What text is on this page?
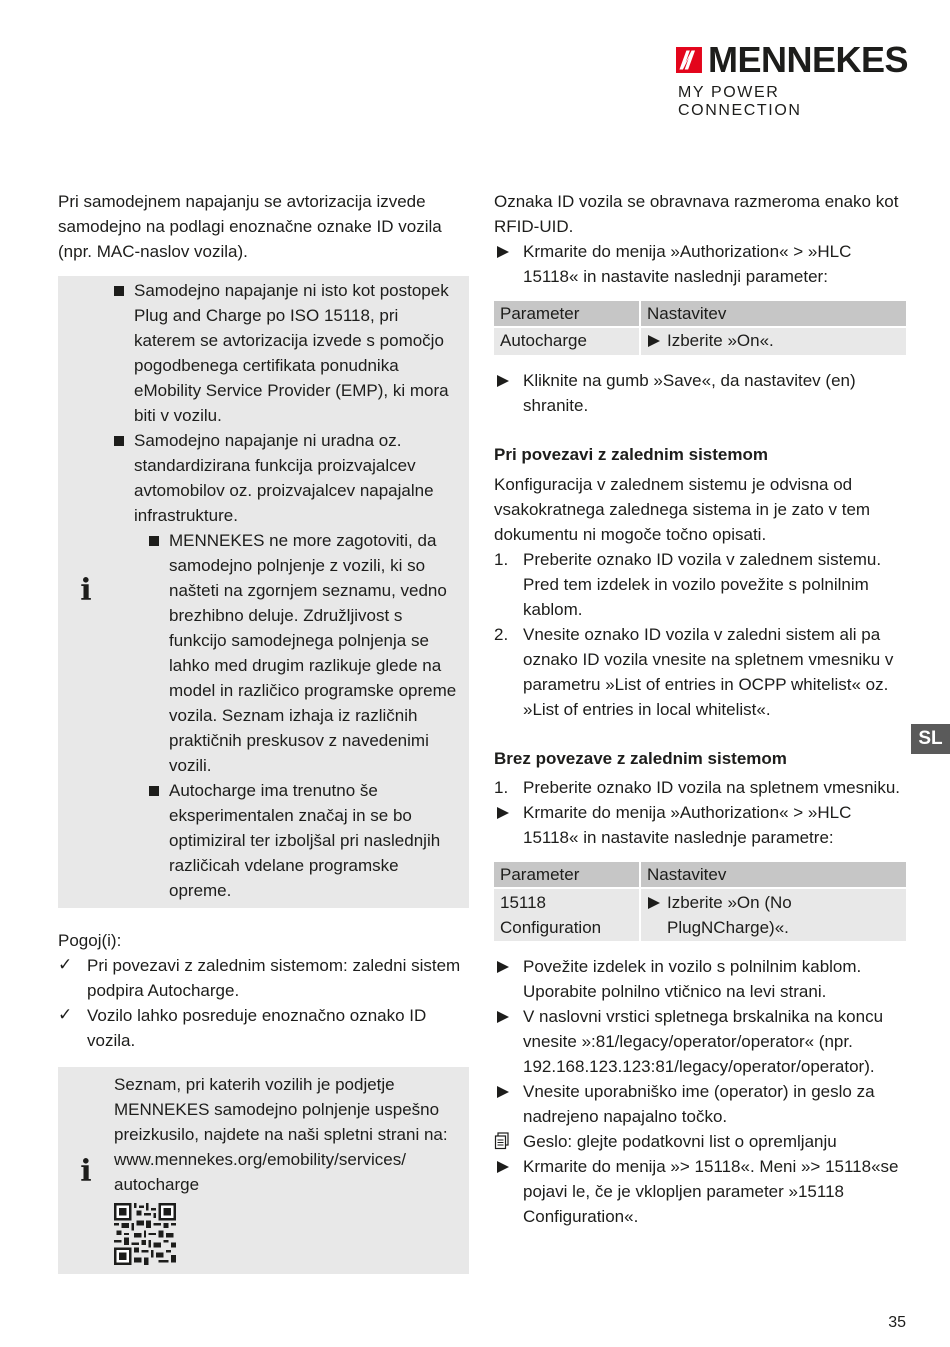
MENNEKES
MY POWER CONNECTION

Pri samodejnem napajanju se avtorizacija izvede samodejno na podlagi enoznačne oznake ID vozila (npr. MAC-naslov vozila).

i
Samodejno napajanje ni isto kot postopek Plug and Charge po ISO 15118, pri katerem se avtorizacija izvede s pomočjo pogodbenega certifikata ponudnika eMobility Service Provider (EMP), ki mora biti v vozilu.
Samodejno napajanje ni uradna oz. standardizirana funkcija proizvajalcev avtomobilov oz. proizvajalcev napajalne infrastrukture.
MENNEKES ne more zagotoviti, da samodejno polnjenje z vozili, ki so našteti na zgornjem seznamu, vedno brezhibno deluje. Združljivost s funkcijo samodejnega polnjenja se lahko med drugim razlikuje glede na model in različico programske opreme vozila. Seznam izhaja iz različnih praktičnih preskusov z navedenimi vozili.
Autocharge ima trenutno še eksperimentalen značaj in se bo optimiziral ter izboljšal pri naslednjih različicah vdelane programske opreme.

Pogoj(i):

✓ Pri povezavi z zalednim sistemom: zaledni sistem podpira Autocharge.
✓ Vozilo lahko posreduje enoznačno oznako ID vozila.
i

Seznam, pri katerih vozilih je podjetje MENNEKES samodejno polnjenje uspešno preizkusilo, najdete na naši spletni strani na: www.mennekes.org/emobility/services/ autocharge

Oznaka ID vozila se obravnava razmeroma enako kot RFID-UID.

Krmarite do menija »Authorization« > »HLC 15118« in nastavite naslednji parameter:
Parameter	Nastavitev
Autocharge	Izberite »On«.
Kliknite na gumb »Save«, da nastavitev (en) shranite.

Pri povezavi z zalednim sistemom

Konfiguracija v zalednem sistemu je odvisna od vsakokratnega zalednega sistema in je zato v tem dokumentu ni mogoče točno opisati.

1. Preberite oznako ID vozila v zalednem sistemu. Pred tem izdelek in vozilo povežite s polnilnim kablom.
2. Vnesite oznako ID vozila v zaledni sistem ali pa oznako ID vozila vnesite na spletnem vmesniku v parametru »List of entries in OCPP whitelist« oz. »List of entries in local whitelist«.

Brez povezave z zalednim sistemom

1. Preberite oznako ID vozila na spletnem vmesniku.
Krmarite do menija »Authorization« > »HLC 15118« in nastavite naslednje parametre:
Parameter	Nastavitev
15118 Configuration	Izberite »On (No PlugNCharge)«.
Povežite izdelek in vozilo s polnilnim kablom. Uporabite polnilno vtičnico na levi strani.
V naslovni vrstici spletnega brskalnika na koncu vnesite »:81/legacy/operator/operator« (npr. 192.168.123.123:81/legacy/operator/operator).
Vnesite uporabniško ime (operator) in geslo za nadrejeno napajalno točko.
Geslo: glejte podatkovni list o opremljanju
Krmarite do menija »> 15118«. Meni »> 15118«se pojavi le, če je vklopljen parameter »15118 Configuration«.
SL
35
